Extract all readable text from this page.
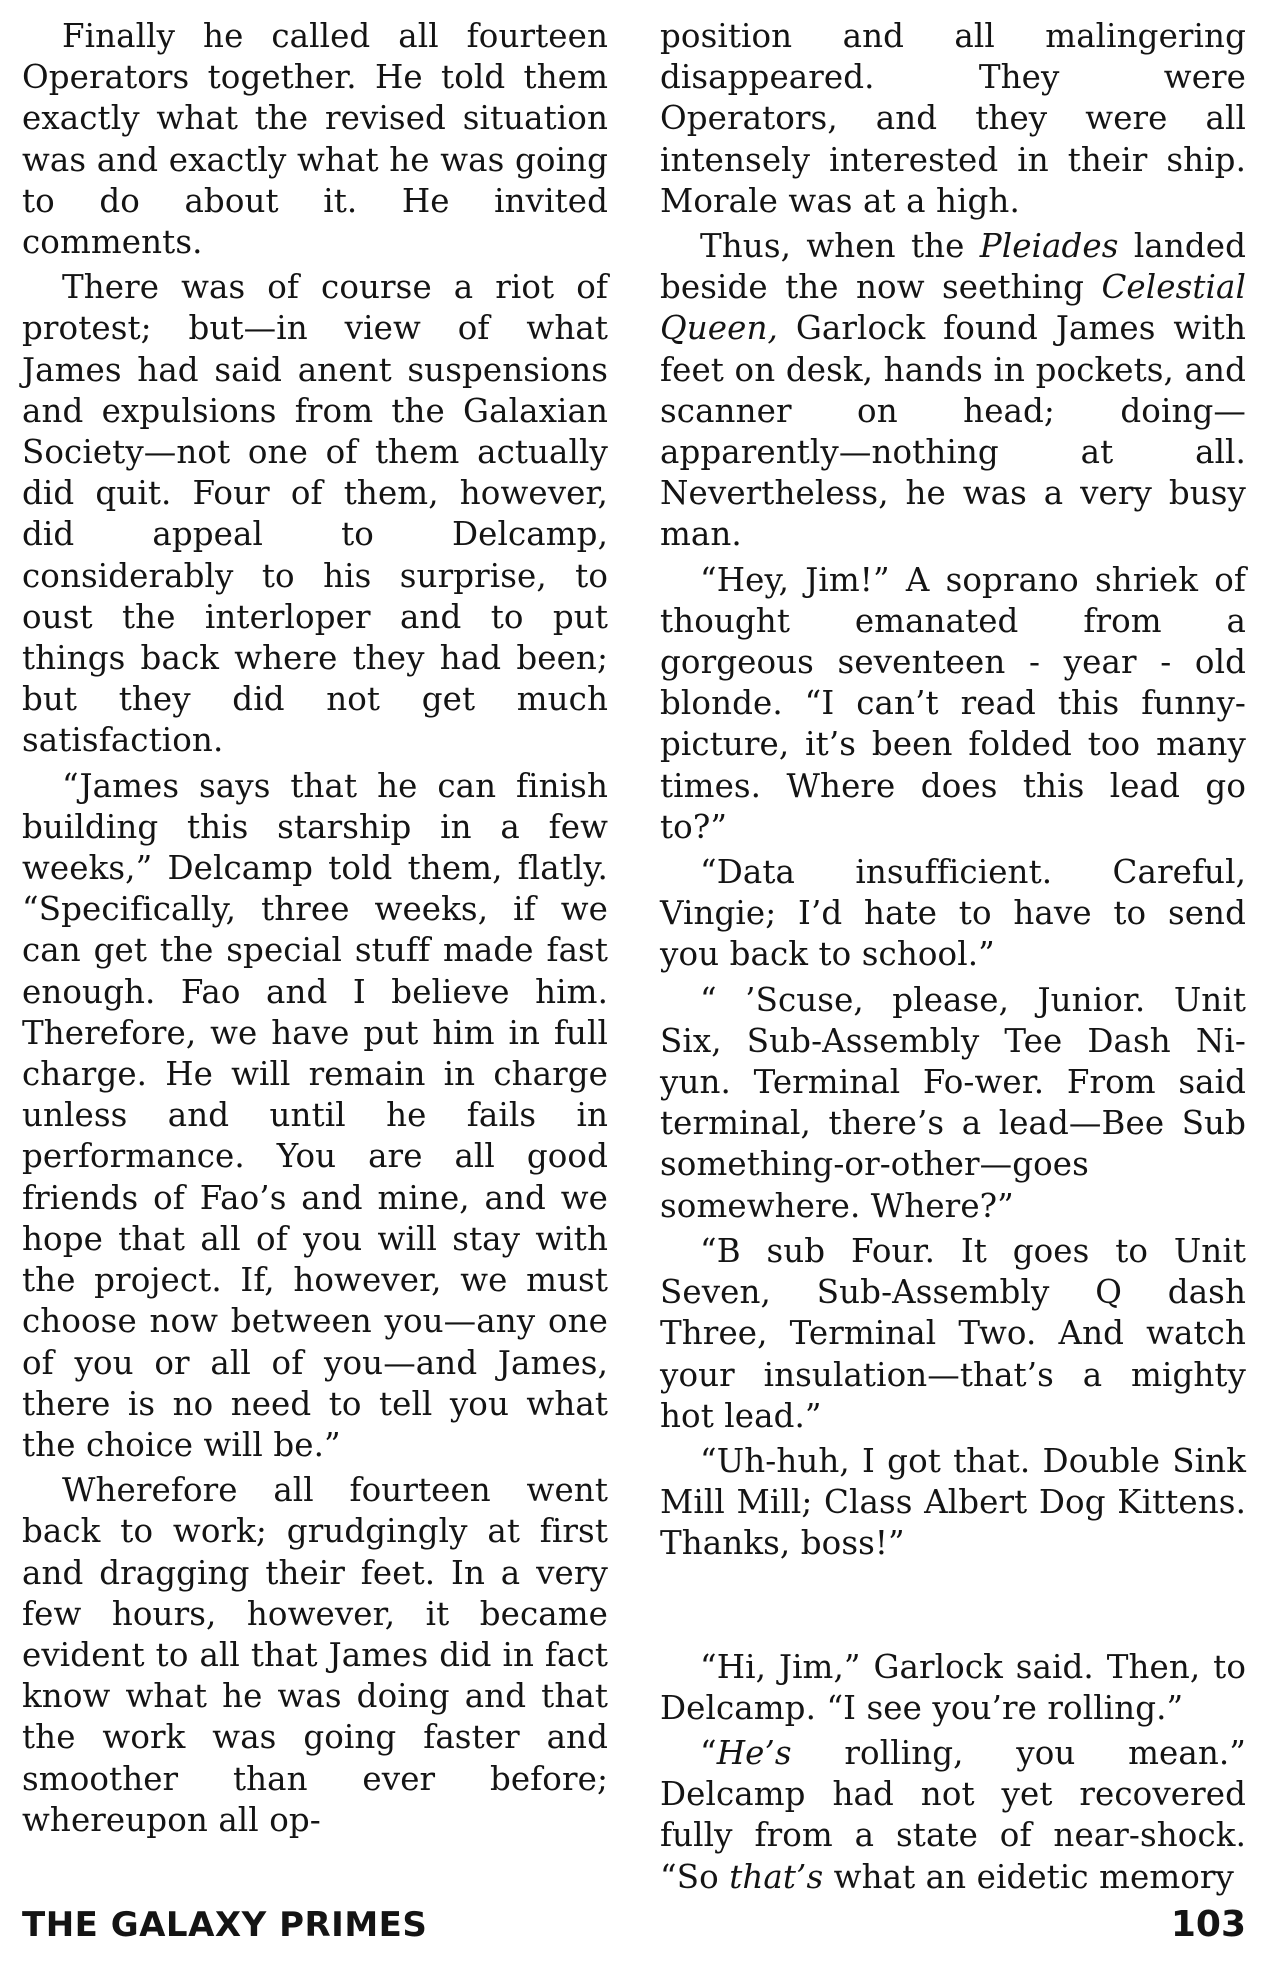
Finally he called all fourteen Operators together. He told them exactly what the revised situation was and exactly what he was going to do about it. He invited comments.

There was of course a riot of protest; but—in view of what James had said anent suspensions and expulsions from the Galaxian Society—not one of them actually did quit. Four of them, however, did appeal to Delcamp, considerably to his surprise, to oust the interloper and to put things back where they had been; but they did not get much satisfaction.

“James says that he can finish building this starship in a few weeks,” Delcamp told them, flatly. “Specifically, three weeks, if we can get the special stuff made fast enough. Fao and I believe him. Therefore, we have put him in full charge. He will remain in charge unless and until he fails in performance. You are all good friends of Fao’s and mine, and we hope that all of you will stay with the project. If, however, we must choose now between you—any one of you or all of you—and James, there is no need to tell you what the choice will be.”

Wherefore all fourteen went back to work; grudgingly at first and dragging their feet. In a very few hours, however, it became evident to all that James did in fact know what he was doing and that the work was going faster and smoother than ever before; whereupon all op-

position and all malingering disappeared. They were Operators, and they were all intensely interested in their ship. Morale was at a high.

Thus, when the Pleiades landed beside the now seething Celestial Queen, Garlock found James with feet on desk, hands in pockets, and scanner on head; doing—apparently—nothing at all. Nevertheless, he was a very busy man.

“Hey, Jim!” A soprano shriek of thought emanated from a gorgeous seventeen - year - old blonde. “I can’t read this funny-picture, it’s been folded too many times. Where does this lead go to?”

“Data insufficient. Careful, Vingie; I’d hate to have to send you back to school.”

“ ’Scuse, please, Junior. Unit Six, Sub-Assembly Tee Dash Ni-yun. Terminal Fo-wer. From said terminal, there’s a lead—Bee Sub something-or-other—goes somewhere. Where?”

“B sub Four. It goes to Unit Seven, Sub-Assembly Q dash Three, Terminal Two. And watch your insulation—that’s a mighty hot lead.”

“Uh-huh, I got that. Double Sink Mill Mill; Class Albert Dog Kittens. Thanks, boss!”

“Hi, Jim,” Garlock said. Then, to Delcamp. “I see you’re rolling.”

“He’s rolling, you mean.” Delcamp had not yet recovered fully from a state of near-shock. “So that’s what an eidetic memory

THE GALAXY PRIMES	103
